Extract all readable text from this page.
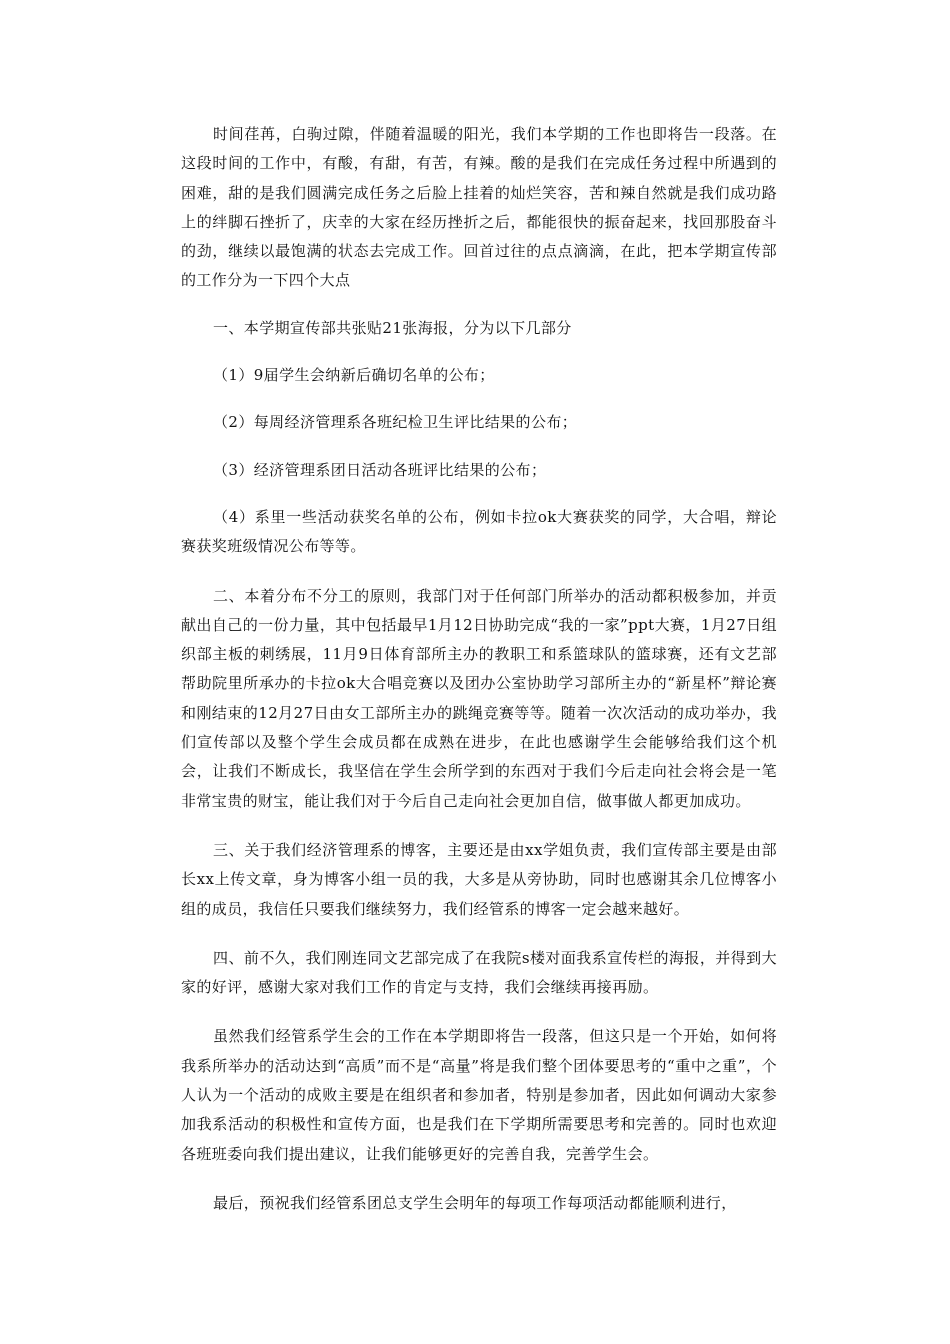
时间荏苒，白驹过隙，伴随着温暖的阳光，我们本学期的工作也即将告一段落。在这段时间的工作中，有酸，有甜，有苦，有辣。酸的是我们在完成任务过程中所遇到的困难，甜的是我们圆满完成任务之后脸上挂着的灿烂笑容，苦和辣自然就是我们成功路上的绊脚石挫折了，庆幸的大家在经历挫折之后，都能很快的振奋起来，找回那股奋斗的劲，继续以最饱满的状态去完成工作。回首过往的点点滴滴，在此，把本学期宣传部的工作分为一下四个大点

一、本学期宣传部共张贴21张海报，分为以下几部分

（1）9届学生会纳新后确切名单的公布；

（2）每周经济管理系各班纪检卫生评比结果的公布；

（3）经济管理系团日活动各班评比结果的公布；

（4）系里一些活动获奖名单的公布，例如卡拉ok大赛获奖的同学，大合唱，辩论赛获奖班级情况公布等等。

二、本着分布不分工的原则，我部门对于任何部门所举办的活动都积极参加，并贡献出自己的一份力量，其中包括最早1月12日协助完成“我的一家”ppt大赛，1月27日组织部主板的刺绣展，11月9日体育部所主办的教职工和系篮球队的篮球赛，还有文艺部帮助院里所承办的卡拉ok大合唱竞赛以及团办公室协助学习部所主办的“新星杯”辩论赛和刚结束的12月27日由女工部所主办的跳绳竞赛等等。随着一次次活动的成功举办，我们宣传部以及整个学生会成员都在成熟在进步，在此也感谢学生会能够给我们这个机会，让我们不断成长，我坚信在学生会所学到的东西对于我们今后走向社会将会是一笔非常宝贵的财宝，能让我们对于今后自己走向社会更加自信，做事做人都更加成功。

三、关于我们经济管理系的博客，主要还是由xx学姐负责，我们宣传部主要是由部长xx上传文章，身为博客小组一员的我，大多是从旁协助，同时也感谢其余几位博客小组的成员，我信任只要我们继续努力，我们经管系的博客一定会越来越好。

四、前不久，我们刚连同文艺部完成了在我院s楼对面我系宣传栏的海报，并得到大家的好评，感谢大家对我们工作的肯定与支持，我们会继续再接再励。

虽然我们经管系学生会的工作在本学期即将告一段落，但这只是一个开始，如何将我系所举办的活动达到“高质”而不是“高量”将是我们整个团体要思考的“重中之重”，个人认为一个活动的成败主要是在组织者和参加者，特别是参加者，因此如何调动大家参加我系活动的积极性和宣传方面，也是我们在下学期所需要思考和完善的。同时也欢迎各班班委向我们提出建议，让我们能够更好的完善自我，完善学生会。

最后，预祝我们经管系团总支学生会明年的每项工作每项活动都能顺利进行，
